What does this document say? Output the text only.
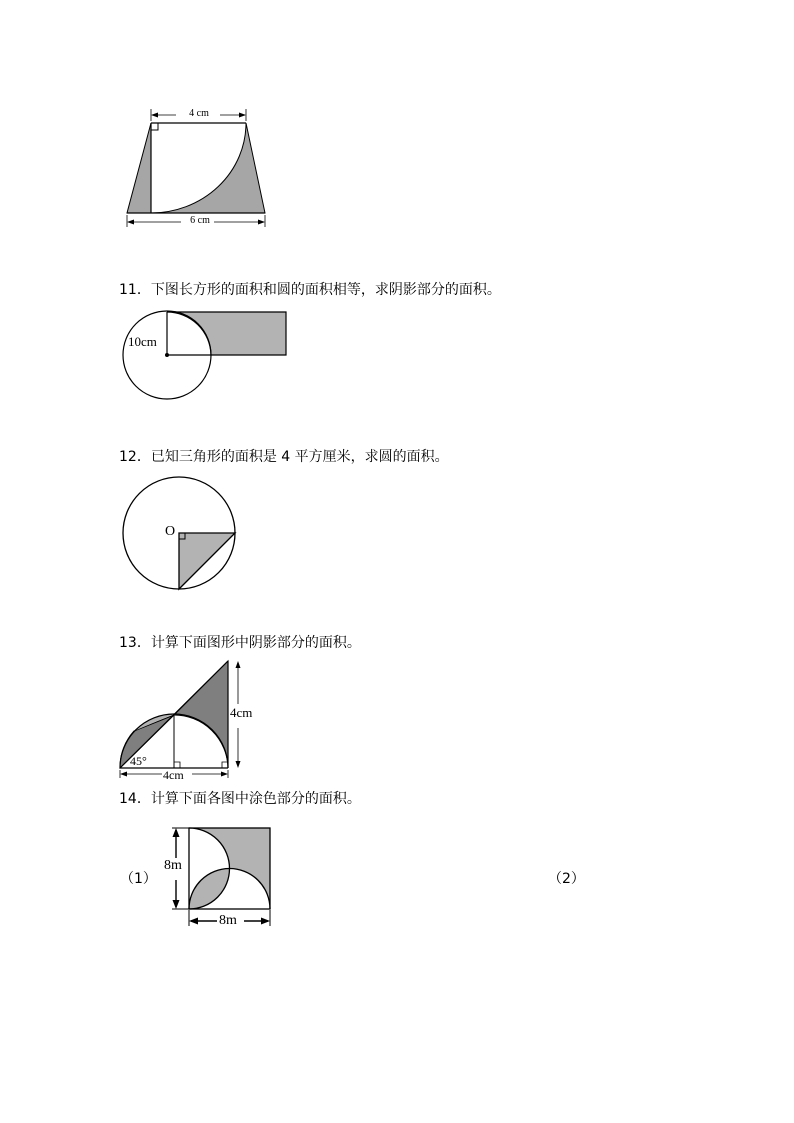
4 cm
6 cm
11．下图长方形的面积和圆的面积相等，求阴影部分的面积。
10cm
12．已知三角形的面积是 4 平方厘米，求圆的面积。
O
13．计算下面图形中阴影部分的面积。
4cm
4cm
45°
14．计算下面各图中涂色部分的面积。
（1）	（2）
8m
8m
